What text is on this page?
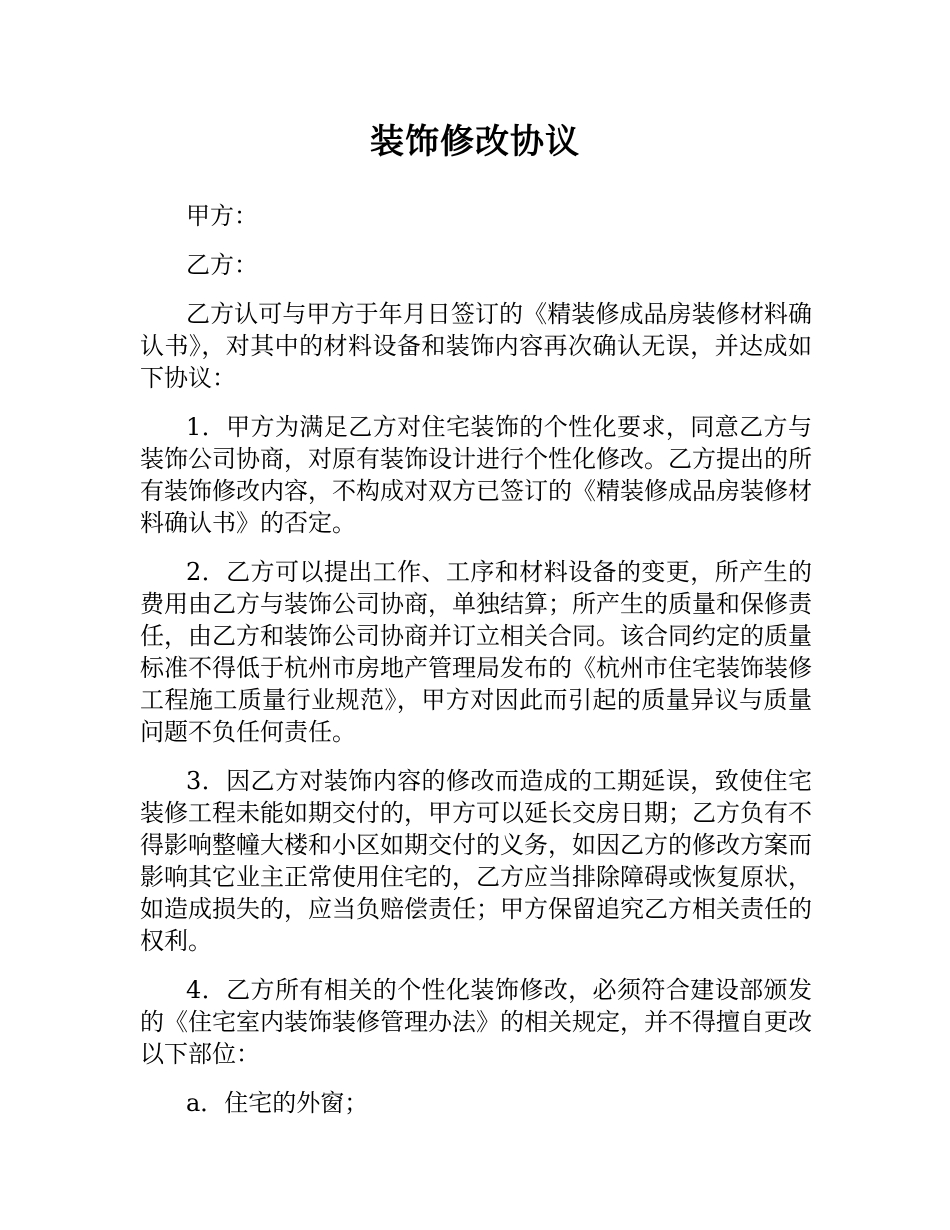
装饰修改协议

甲方：

乙方：

乙方认可与甲方于年月日签订的《精装修成品房装修材料确认书》，对其中的材料设备和装饰内容再次确认无误，并达成如下协议：

1．甲方为满足乙方对住宅装饰的个性化要求，同意乙方与装饰公司协商，对原有装饰设计进行个性化修改。乙方提出的所有装饰修改内容，不构成对双方已签订的《精装修成品房装修材料确认书》的否定。

2．乙方可以提出工作、工序和材料设备的变更，所产生的费用由乙方与装饰公司协商，单独结算；所产生的质量和保修责任，由乙方和装饰公司协商并订立相关合同。该合同约定的质量标准不得低于杭州市房地产管理局发布的《杭州市住宅装饰装修工程施工质量行业规范》，甲方对因此而引起的质量异议与质量问题不负任何责任。

3．因乙方对装饰内容的修改而造成的工期延误，致使住宅装修工程未能如期交付的，甲方可以延长交房日期；乙方负有不得影响整幢大楼和小区如期交付的义务，如因乙方的修改方案而影响其它业主正常使用住宅的，乙方应当排除障碍或恢复原状，如造成损失的，应当负赔偿责任；甲方保留追究乙方相关责任的权利。

4．乙方所有相关的个性化装饰修改，必须符合建设部颁发的《住宅室内装饰装修管理办法》的相关规定，并不得擅自更改以下部位：

a．住宅的外窗；
